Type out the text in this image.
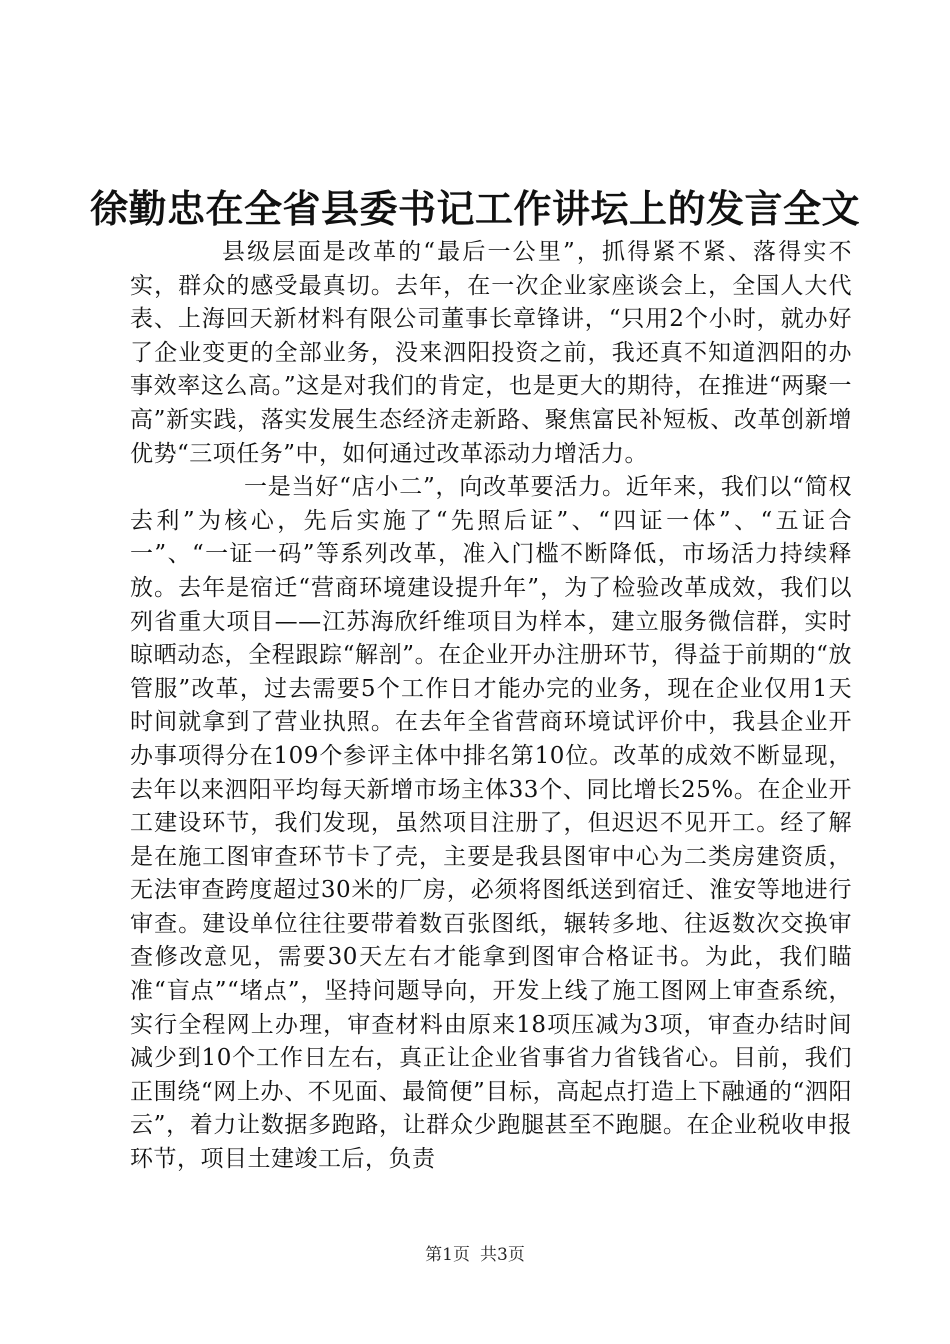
徐勤忠在全省县委书记工作讲坛上的发言全文

县级层面是改革的“最后一公里”，抓得紧不紧、落得实不实，群众的感受最真切。去年，在一次企业家座谈会上，全国人大代表、上海回天新材料有限公司董事长章锋讲，“只用2个小时，就办好了企业变更的全部业务，没来泗阳投资之前，我还真不知道泗阳的办事效率这么高。”这是对我们的肯定，也是更大的期待，在推进“两聚一高”新实践，落实发展生态经济走新路、聚焦富民补短板、改革创新增优势“三项任务”中，如何通过改革添动力增活力。

一是当好“店小二”，向改革要活力。近年来，我们以“简权去利”为核心，先后实施了“先照后证”、“四证一体”、“五证合一”、“一证一码”等系列改革，准入门槛不断降低，市场活力持续释放。去年是宿迁“营商环境建设提升年”，为了检验改革成效，我们以列省重大项目——江苏海欣纤维项目为样本，建立服务微信群，实时晾晒动态，全程跟踪“解剖”。在企业开办注册环节，得益于前期的“放管服”改革，过去需要5个工作日才能办完的业务，现在企业仅用1天时间就拿到了营业执照。在去年全省营商环境试评价中，我县企业开办事项得分在109个参评主体中排名第10位。改革的成效不断显现，去年以来泗阳平均每天新增市场主体33个、同比增长25%。在企业开工建设环节，我们发现，虽然项目注册了，但迟迟不见开工。经了解是在施工图审查环节卡了壳，主要是我县图审中心为二类房建资质，无法审查跨度超过30米的厂房，必须将图纸送到宿迁、淮安等地进行审查。建设单位往往要带着数百张图纸，辗转多地、往返数次交换审查修改意见，需要30天左右才能拿到图审合格证书。为此，我们瞄准“盲点”“堵点”，坚持问题导向，开发上线了施工图网上审查系统，实行全程网上办理，审查材料由原来18项压减为3项，审查办结时间减少到10个工作日左右，真正让企业省事省力省钱省心。目前，我们正围绕“网上办、不见面、最简便”目标，高起点打造上下融通的“泗阳云”，着力让数据多跑路，让群众少跑腿甚至不跑腿。在企业税收申报环节，项目土建竣工后，负责

第1页 共3页
